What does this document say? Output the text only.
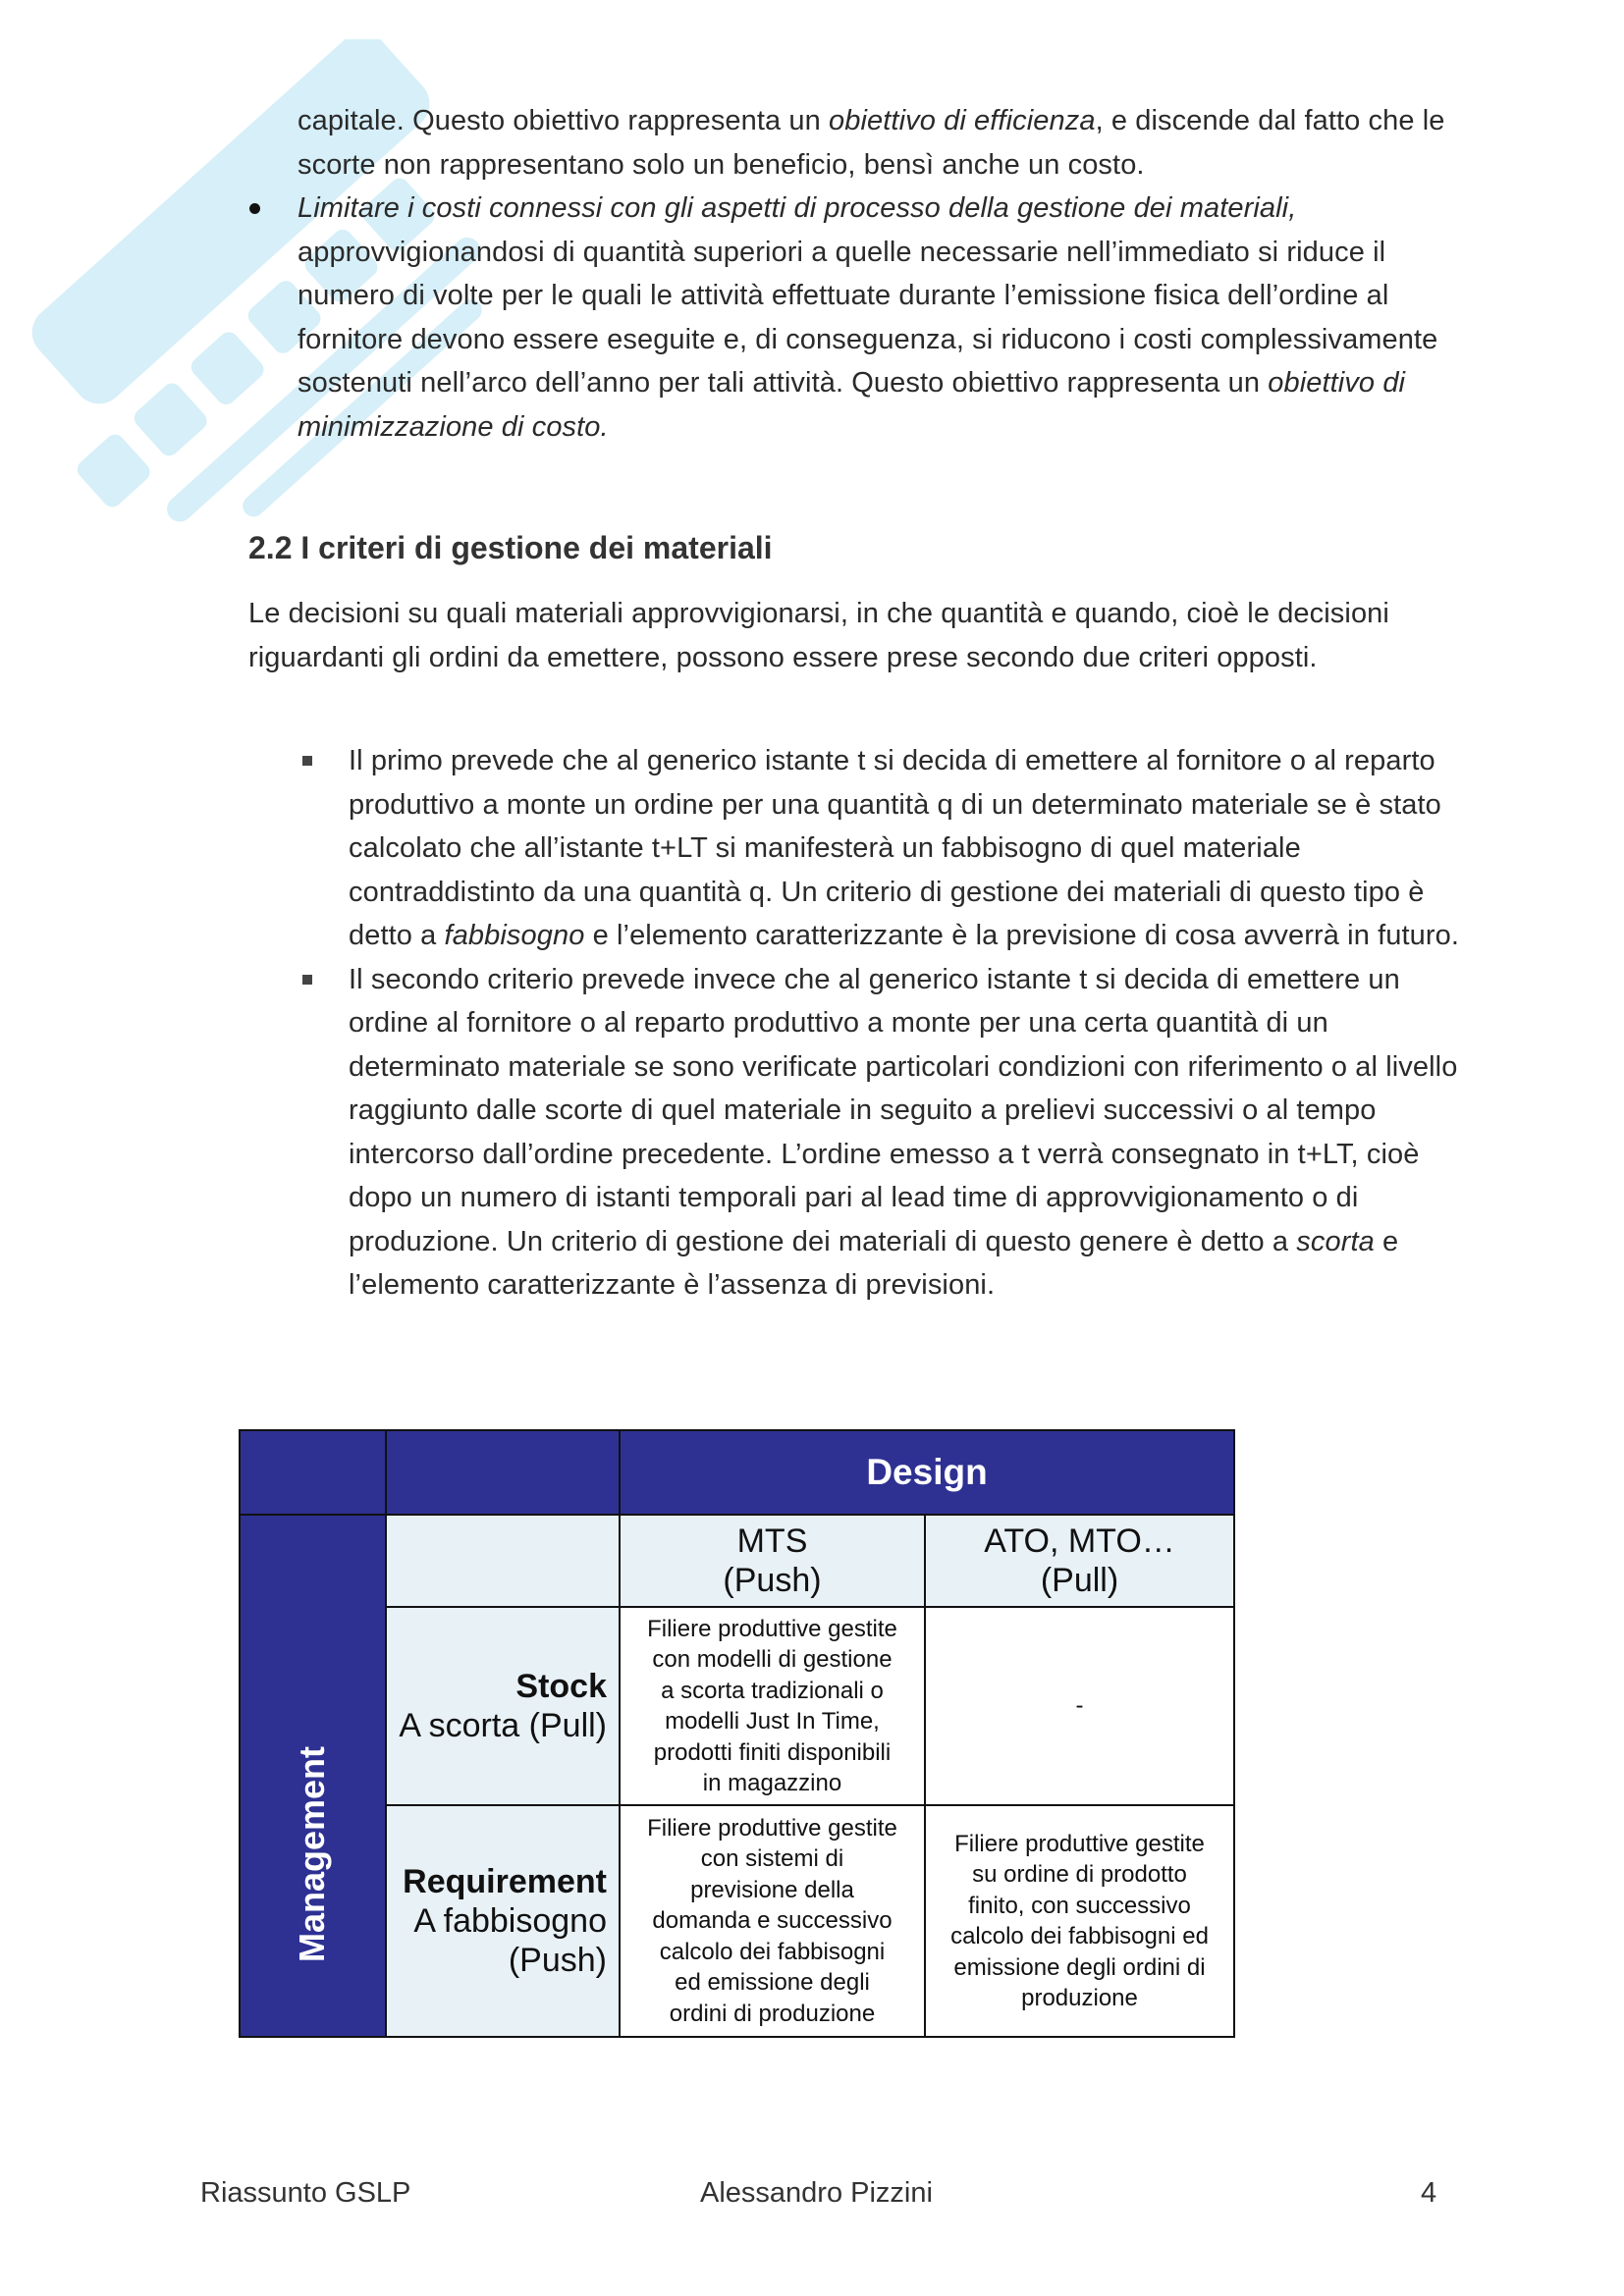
capitale. Questo obiettivo rappresenta un obiettivo di efficienza, e discende dal fatto che le scorte non rappresentano solo un beneficio, bensì anche un costo.

Limitare i costi connessi con gli aspetti di processo della gestione dei materiali, approvvigionandosi di quantità superiori a quelle necessarie nell’immediato si riduce il numero di volte per le quali le attività effettuate durante l’emissione fisica dell’ordine al fornitore devono essere eseguite e, di conseguenza, si riducono i costi complessivamente sostenuti nell’arco dell’anno per tali attività. Questo obiettivo rappresenta un obiettivo di minimizzazione di costo.
2.2 I criteri di gestione dei materiali

Le decisioni su quali materiali approvvigionarsi, in che quantità e quando, cioè le decisioni riguardanti gli ordini da emettere, possono essere prese secondo due criteri opposti.

Il primo prevede che al generico istante t si decida di emettere al fornitore o al reparto produttivo a monte un ordine per una quantità q di un determinato materiale se è stato calcolato che all’istante t+LT si manifesterà un fabbisogno di quel materiale contraddistinto da una quantità q. Un criterio di gestione dei materiali di questo tipo è detto a fabbisogno e l’elemento caratterizzante è la previsione di cosa avverrà in futuro.
Il secondo criterio prevede invece che al generico istante t si decida di emettere un ordine al fornitore o al reparto produttivo a monte per una certa quantità di un determinato materiale se sono verificate particolari condizioni con riferimento o al livello raggiunto dalle scorte di quel materiale in seguito a prelievi successivi o al tempo intercorso dall’ordine precedente. L’ordine emesso a t verrà consegnato in t+LT, cioè dopo un numero di istanti temporali pari al lead time di approvvigionamento o di produzione. Un criterio di gestione dei materiali di questo genere è detto a scorta e l’elemento caratterizzante è l’assenza di previsioni.
Design
Management
MTS
(Push)
ATO, MTO…
(Pull)
Stock
A scorta (Pull)
Filiere produttive gestite
con modelli di gestione
a scorta tradizionali o
modelli Just In Time,
prodotti finiti disponibili
in magazzino
-
Requirement
A fabbisogno
(Push)
Filiere produttive gestite
con sistemi di
previsione della
domanda e successivo
calcolo dei fabbisogni
ed emissione degli
ordini di produzione
Filiere produttive gestite
su ordine di prodotto
finito, con successivo
calcolo dei fabbisogni ed
emissione degli ordini di
produzione
Riassunto GSLP	Alessandro Pizzini	4
